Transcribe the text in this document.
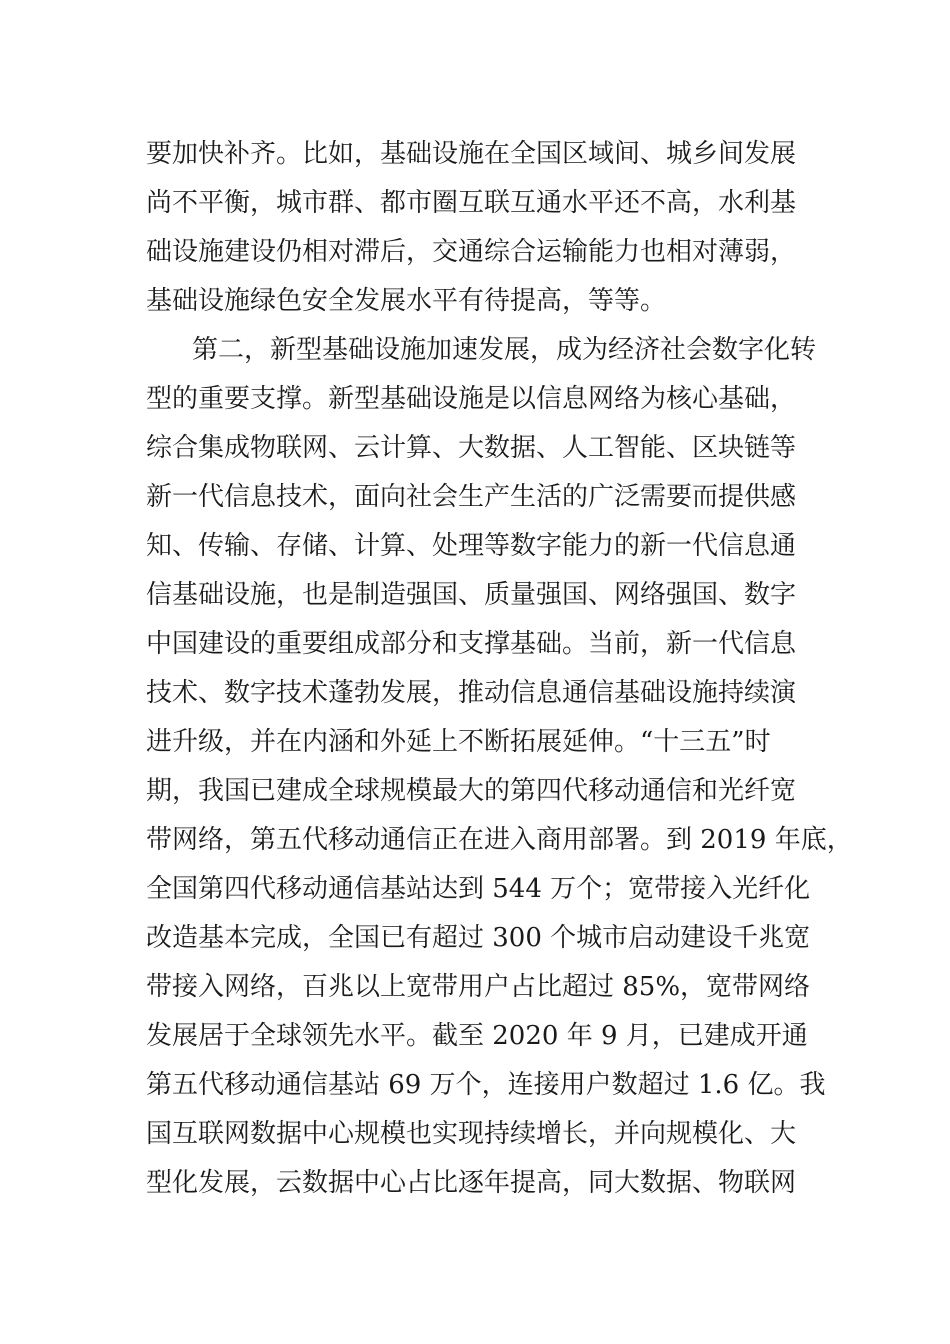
要加快补齐。比如，基础设施在全国区域间、城乡间发展
尚不平衡，城市群、都市圈互联互通水平还不高，水利基
础设施建设仍相对滞后，交通综合运输能力也相对薄弱，
基础设施绿色安全发展水平有待提高，等等。
第二，新型基础设施加速发展，成为经济社会数字化转
型的重要支撑。新型基础设施是以信息网络为核心基础，
综合集成物联网、云计算、大数据、人工智能、区块链等
新一代信息技术，面向社会生产生活的广泛需要而提供感
知、传输、存储、计算、处理等数字能力的新一代信息通
信基础设施，也是制造强国、质量强国、网络强国、数字
中国建设的重要组成部分和支撑基础。当前，新一代信息
技术、数字技术蓬勃发展，推动信息通信基础设施持续演
进升级，并在内涵和外延上不断拓展延伸。“十三五”时
期，我国已建成全球规模最大的第四代移动通信和光纤宽
带网络，第五代移动通信正在进入商用部署。到 2019 年底，
全国第四代移动通信基站达到 544 万个；宽带接入光纤化
改造基本完成，全国已有超过 300 个城市启动建设千兆宽
带接入网络，百兆以上宽带用户占比超过 85%，宽带网络
发展居于全球领先水平。截至 2020 年 9 月，已建成开通
第五代移动通信基站 69 万个，连接用户数超过 1.6 亿。我
国互联网数据中心规模也实现持续增长，并向规模化、大
型化发展，云数据中心占比逐年提高，同大数据、物联网
